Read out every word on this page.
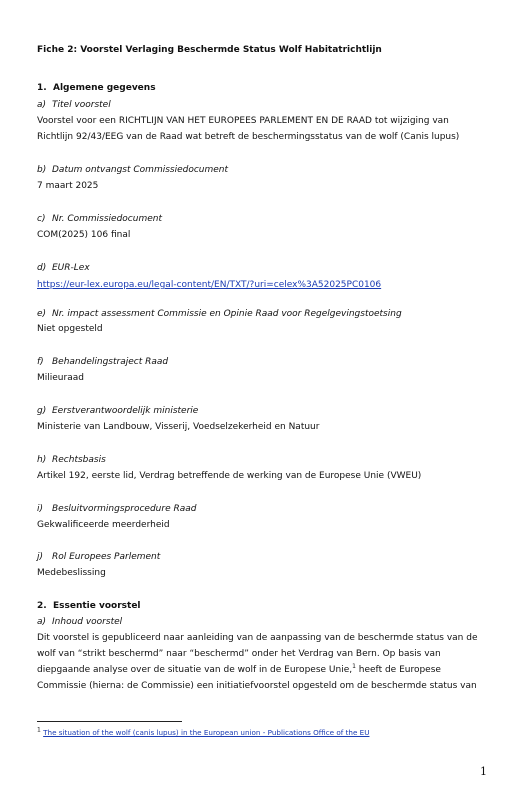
Fiche 2: Voorstel Verlaging Beschermde Status Wolf Habitatrichtlijn
1. Algemene gegevens
a) Titel voorstel
Voorstel voor een RICHTLIJN VAN HET EUROPEES PARLEMENT EN DE RAAD tot wijziging van
Richtlijn 92/43/EEG van de Raad wat betreft de beschermingsstatus van de wolf (Canis lupus)
b) Datum ontvangst Commissiedocument
7 maart 2025
c) Nr. Commissiedocument
COM(2025) 106 final
d) EUR-Lex
https://eur-lex.europa.eu/legal-content/EN/TXT/?uri=celex%3A52025PC0106
e) Nr. impact assessment Commissie en Opinie Raad voor Regelgevingstoetsing
Niet opgesteld
f) Behandelingstraject Raad
Milieuraad
g) Eerstverantwoordelijk ministerie
Ministerie van Landbouw, Visserij, Voedselzekerheid en Natuur
h) Rechtsbasis
Artikel 192, eerste lid, Verdrag betreffende de werking van de Europese Unie (VWEU)
i) Besluitvormingsprocedure Raad
Gekwalificeerde meerderheid
j) Rol Europees Parlement
Medebeslissing
2. Essentie voorstel
a) Inhoud voorstel
Dit voorstel is gepubliceerd naar aanleiding van de aanpassing van de beschermde status van de
wolf van “strikt beschermd” naar “beschermd” onder het Verdrag van Bern. Op basis van
diepgaande analyse over de situatie van de wolf in de Europese Unie,$^1$ heeft de Europese
Commissie (hierna: de Commissie) een initiatiefvoorstel opgesteld om de beschermde status van
$^1$ The situation of the wolf (canis lupus) in the European union - Publications Office of the EU
1
